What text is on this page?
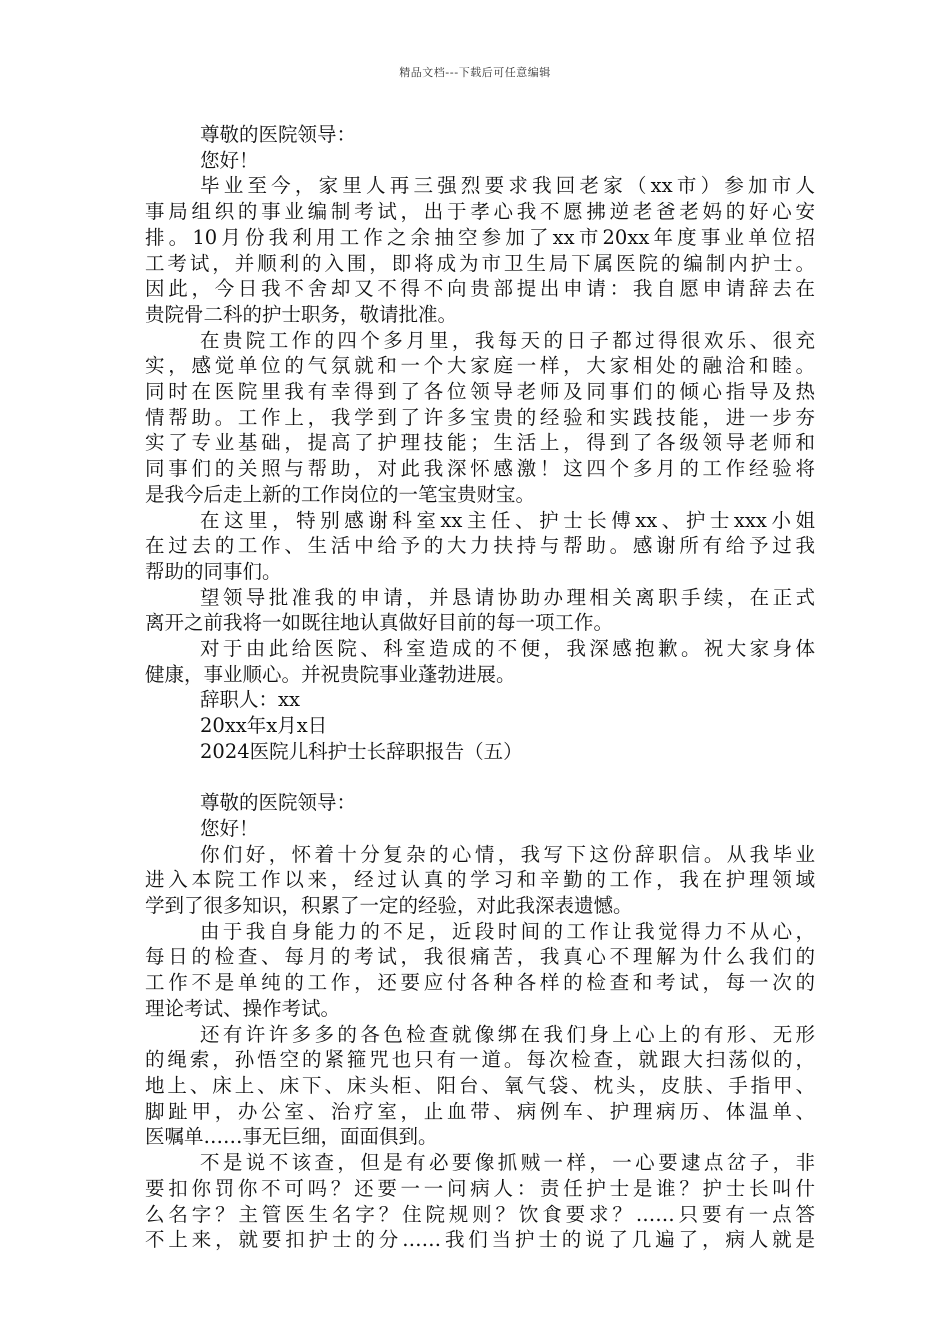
精品文档---下载后可任意编辑
尊敬的医院领导：
您好！
毕业至今，家里人再三强烈要求我回老家（xx市）参加市人
事局组织的事业编制考试，出于孝心我不愿拂逆老爸老妈的好心安
排。10月份我利用工作之余抽空参加了xx市20xx年度事业单位招
工考试，并顺利的入围，即将成为市卫生局下属医院的编制内护士。
因此，今日我不舍却又不得不向贵部提出申请：我自愿申请辞去在
贵院骨二科的护士职务，敬请批准。
在贵院工作的四个多月里，我每天的日子都过得很欢乐、很充
实，感觉单位的气氛就和一个大家庭一样，大家相处的融洽和睦。
同时在医院里我有幸得到了各位领导老师及同事们的倾心指导及热
情帮助。工作上，我学到了许多宝贵的经验和实践技能，进一步夯
实了专业基础，提高了护理技能；生活上，得到了各级领导老师和
同事们的关照与帮助，对此我深怀感激！这四个多月的工作经验将
是我今后走上新的工作岗位的一笔宝贵财宝。
在这里，特别感谢科室xx主任、护士长傅xx、护士xxx小姐
在过去的工作、生活中给予的大力扶持与帮助。感谢所有给予过我
帮助的同事们。
望领导批准我的申请，并恳请协助办理相关离职手续，在正式
离开之前我将一如既往地认真做好目前的每一项工作。
对于由此给医院、科室造成的不便，我深感抱歉。祝大家身体
健康，事业顺心。并祝贵院事业蓬勃进展。
辞职人：xx
20xx年x月x日
2024医院儿科护士长辞职报告（五）
尊敬的医院领导：
您好！
你们好，怀着十分复杂的心情，我写下这份辞职信。从我毕业
进入本院工作以来，经过认真的学习和辛勤的工作，我在护理领域
学到了很多知识，积累了一定的经验，对此我深表遗憾。
由于我自身能力的不足，近段时间的工作让我觉得力不从心，
每日的检查、每月的考试，我很痛苦，我真心不理解为什么我们的
工作不是单纯的工作，还要应付各种各样的检查和考试，每一次的
理论考试、操作考试。
还有许许多多的各色检查就像绑在我们身上心上的有形、无形
的绳索，孙悟空的紧箍咒也只有一道。每次检查，就跟大扫荡似的，
地上、床上、床下、床头柜、阳台、氧气袋、枕头，皮肤、手指甲、
脚趾甲，办公室、治疗室，止血带、病例车、护理病历、体温单、
医嘱单……事无巨细，面面俱到。
不是说不该查，但是有必要像抓贼一样，一心要逮点岔子，非
要扣你罚你不可吗？还要一一问病人：责任护士是谁？护士长叫什
么名字？主管医生名字？住院规则？饮食要求？……只要有一点答
不上来，就要扣护士的分……我们当护士的说了几遍了，病人就是
